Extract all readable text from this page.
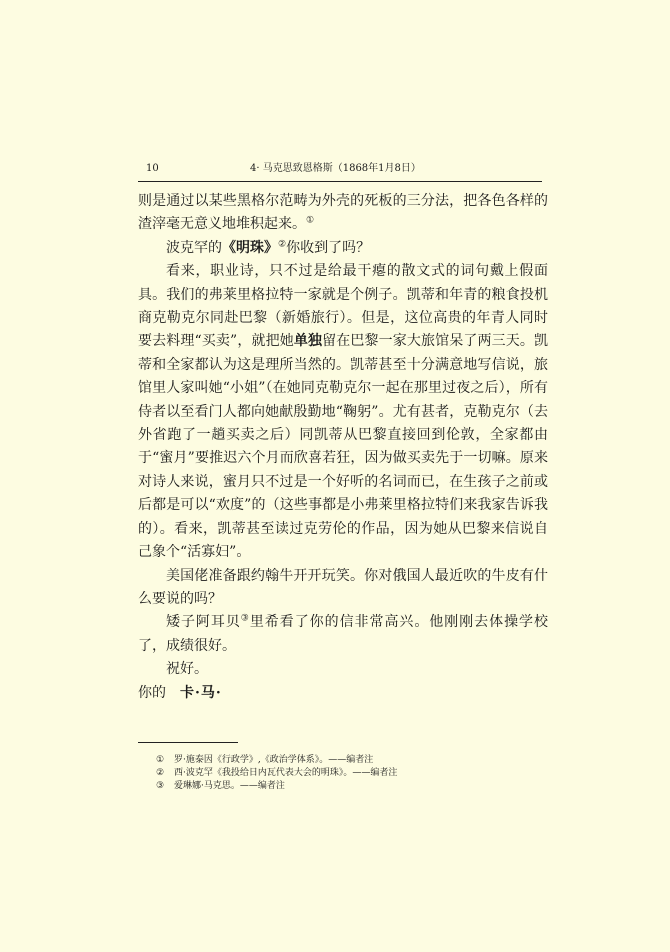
10	4· 马克思致恩格斯（1868年1月8日）

则是通过以某些黑格尔范畴为外壳的死板的三分法，把各色各样的渣滓毫无意义地堆积起来。①

波克罕的《明珠》②你收到了吗？

看来，职业诗，只不过是给最干瘪的散文式的词句戴上假面具。我们的弗莱里格拉特一家就是个例子。凯蒂和年青的粮食投机商克勒克尔同赴巴黎（新婚旅行）。但是，这位高贵的年青人同时要去料理“买卖”，就把她单独留在巴黎一家大旅馆呆了两三天。凯蒂和全家都认为这是理所当然的。凯蒂甚至十分满意地写信说，旅馆里人家叫她“小姐”（在她同克勒克尔一起在那里过夜之后），所有侍者以至看门人都向她献殷勤地“鞠躬”。尤有甚者，克勒克尔（去外省跑了一趟买卖之后）同凯蒂从巴黎直接回到伦敦，全家都由于“蜜月”要推迟六个月而欣喜若狂，因为做买卖先于一切嘛。原来对诗人来说，蜜月只不过是一个好听的名词而已，在生孩子之前或后都是可以“欢度”的（这些事都是小弗莱里格拉特们来我家告诉我的）。看来，凯蒂甚至读过克劳伦的作品，因为她从巴黎来信说自己象个“活寡妇”。

美国佬准备跟约翰牛开开玩笑。你对俄国人最近吹的牛皮有什么要说的吗？

矮子阿耳贝③里希看了你的信非常高兴。他刚刚去体操学校了，成绩很好。

祝好。

你的 卡·马·

① 罗·施泰因《行政学》,《政治学体系》。——编者注
② 西·波克罕《我投给日内瓦代表大会的明珠》。——编者注
③ 爱琳娜·马克思。——编者注
